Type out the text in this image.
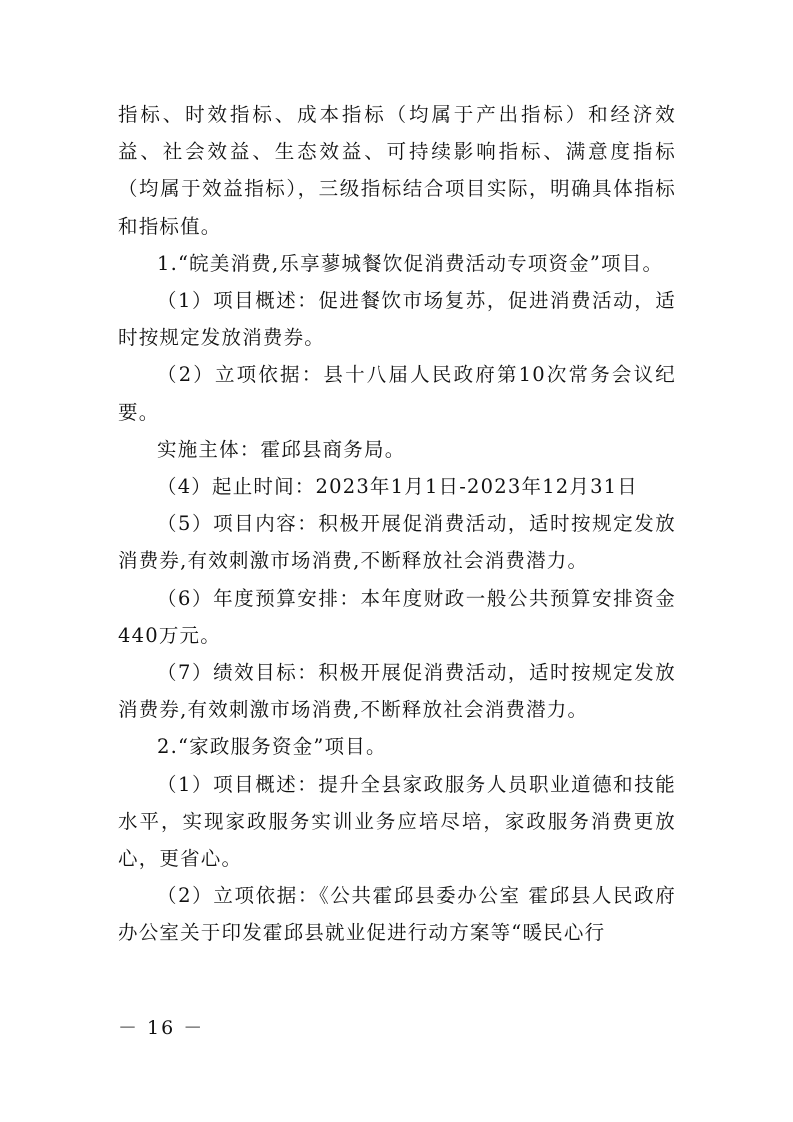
指标、时效指标、成本指标（均属于产出指标）和经济效益、社会效益、生态效益、可持续影响指标、满意度指标（均属于效益指标），三级指标结合项目实际，明确具体指标和指标值。

1.“皖美消费,乐享蓼城餐饮促消费活动专项资金”项目。

（1）项目概述：促进餐饮市场复苏，促进消费活动，适时按规定发放消费券。

（2）立项依据：县十八届人民政府第10次常务会议纪要。

实施主体：霍邱县商务局。

（4）起止时间：2023年1月1日-2023年12月31日

（5）项目内容：积极开展促消费活动，适时按规定发放消费券,有效刺激市场消费,不断释放社会消费潜力。

（6）年度预算安排：本年度财政一般公共预算安排资金440万元。

（7）绩效目标：积极开展促消费活动，适时按规定发放消费券,有效刺激市场消费,不断释放社会消费潜力。

2.“家政服务资金”项目。

（1）项目概述：提升全县家政服务人员职业道德和技能水平，实现家政服务实训业务应培尽培，家政服务消费更放心，更省心。

（2）立项依据：《公共霍邱县委办公室 霍邱县人民政府办公室关于印发霍邱县就业促进行动方案等“暖民心行

－ 16 －
